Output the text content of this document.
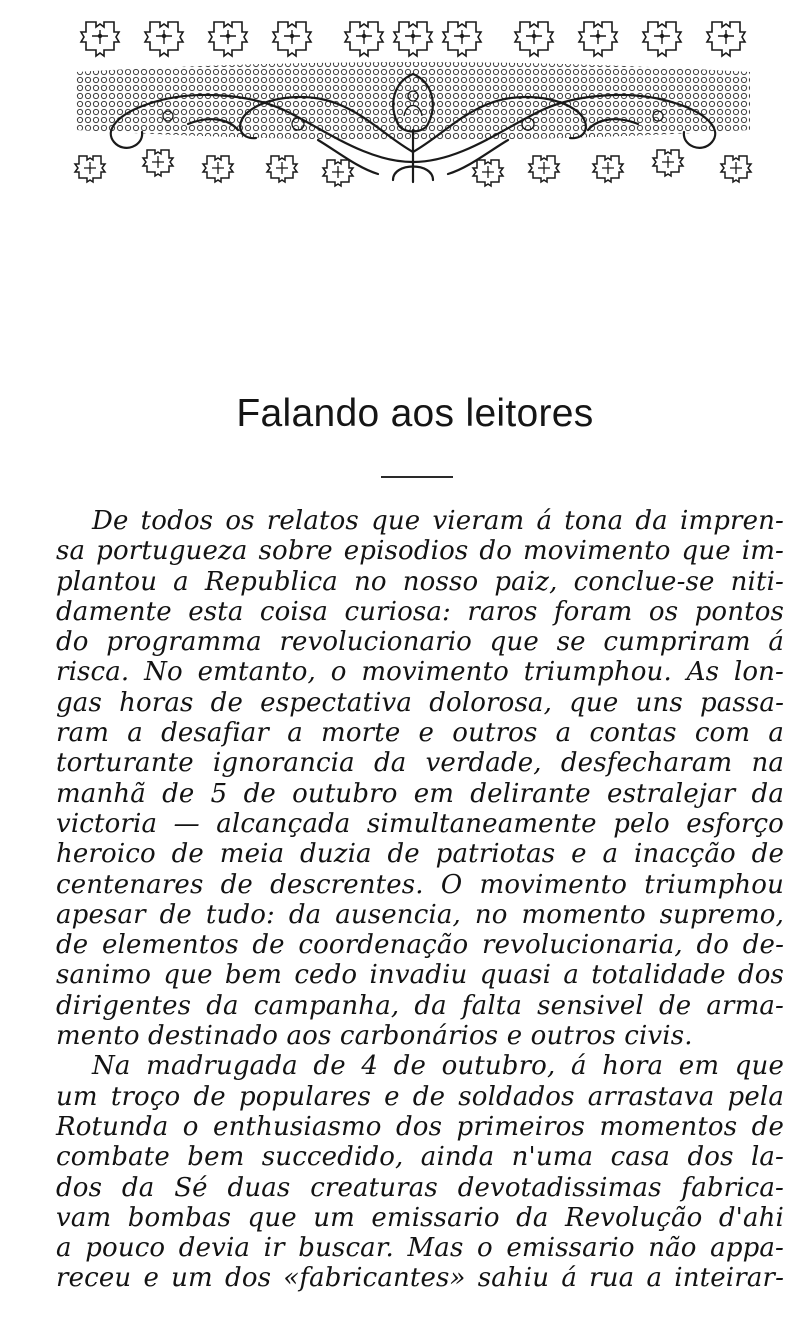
Falando aos leitores
De todos os relatos que vieram á tona da impren-
sa portugueza sobre episodios do movimento que im-
plantou a Republica no nosso paiz, conclue-se niti-
damente esta coisa curiosa: raros foram os pontos
do programma revolucionario que se cumpriram á
risca. No emtanto, o movimento triumphou. As lon-
gas horas de espectativa dolorosa, que uns passa-
ram a desafiar a morte e outros a contas com a
torturante ignorancia da verdade, desfecharam na
manhã de 5 de outubro em delirante estralejar da
victoria — alcançada simultaneamente pelo esforço
heroico de meia duzia de patriotas e a inacção de
centenares de descrentes. O movimento triumphou
apesar de tudo: da ausencia, no momento supremo,
de elementos de coordenação revolucionaria, do de-
sanimo que bem cedo invadiu quasi a totalidade dos
dirigentes da campanha, da falta sensivel de arma-
mento destinado aos carbonários e outros civis.
Na madrugada de 4 de outubro, á hora em que
um troço de populares e de soldados arrastava pela
Rotunda o enthusiasmo dos primeiros momentos de
combate bem succedido, ainda n'uma casa dos la-
dos da Sé duas creaturas devotadissimas fabrica-
vam bombas que um emissario da Revolução d'ahi
a pouco devia ir buscar. Mas o emissario não appa-
receu e um dos «fabricantes» sahiu á rua a inteirar-
